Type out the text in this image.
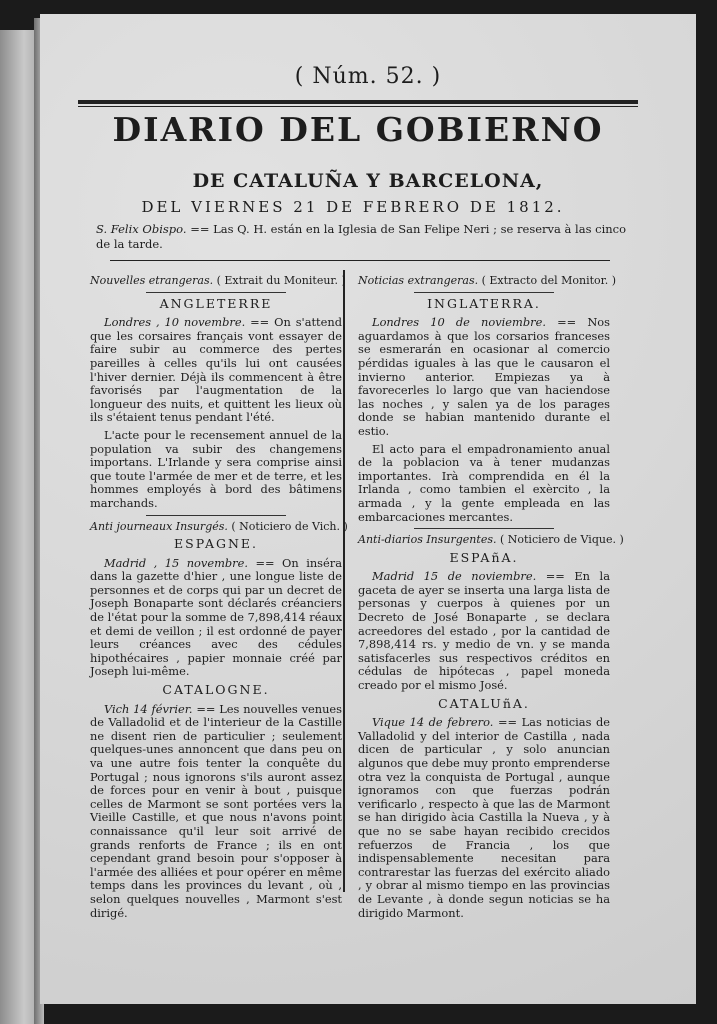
( Núm. 52. )
DIARIO DEL GOBIERNO
DE CATALUÑA Y BARCELONA,
DEL VIERNES 21 DE FEBRERO DE 1812.
S. Felix Obispo. == Las Q. H. están en la Iglesia de San Felipe Neri ; se reserva à las cinco de la tarde.
Nouvelles etrangeras. ( Extrait du Moniteur. )
ANGLETERRE

Londres , 10 novembre. == On s'attend que les corsaires français vont essayer de faire subir au commerce des pertes pareilles à celles qu'ils lui ont causées l'hiver dernier. Déjà ils commencent à être favorisés par l'augmentation de la longueur des nuits, et quittent les lieux où ils s'étaient tenus pendant l'été.

L'acte pour le recensement annuel de la population va subir des changemens importans. L'Irlande y sera comprise ainsi que toute l'armée de mer et de terre, et les hommes employés à bord des bâtimens marchands.

Anti journeaux Insurgés. ( Noticiero de Vich. )
ESPAGNE.

Madrid , 15 novembre. == On inséra dans la gazette d'hier , une longue liste de personnes et de corps qui par un decret de Joseph Bonaparte sont déclarés créanciers de l'état pour la somme de 7,898,414 réaux et demi de veillon ; il est ordonné de payer leurs créances avec des cédules hipothécaires , papier monnaie créé par Joseph lui-même.

CATALOGNE.

Vich 14 février. == Les nouvelles venues de Valladolid et de l'interieur de la Castille ne disent rien de particulier ; seulement quelques-unes annoncent que dans peu on va une autre fois tenter la conquête du Portugal ; nous ignorons s'ils auront assez de forces pour en venir à bout , puisque celles de Marmont se sont portées vers la Vieille Castille, et que nous n'avons point connaissance qu'il leur soit arrivé de grands renforts de France ; ils en ont cependant grand besoin pour s'opposer à l'armée des alliées et pour opérer en même temps dans les provinces du levant , où , selon quelques nouvelles , Marmont s'est dirigé.

Noticias extrangeras. ( Extracto del Monitor. )
INGLATERRA.

Londres 10 de noviembre. == Nos aguardamos à que los corsarios franceses se esmerarán en ocasionar al comercio pérdidas iguales à las que le causaron el invierno anterior. Empiezas ya à favorecerles lo largo que van haciendose las noches , y salen ya de los parages donde se habian mantenido durante el estio.

El acto para el empadronamiento anual de la poblacion va à tener mudanzas importantes. Irà comprendida en él la Irlanda , como tambien el exèrcito , la armada , y la gente empleada en las embarcaciones mercantes.

Anti-diarios Insurgentes. ( Noticiero de Vique. )
ESPAñA.

Madrid 15 de noviembre. == En la gaceta de ayer se inserta una larga lista de personas y cuerpos à quienes por un Decreto de José Bonaparte , se declara acreedores del estado , por la cantidad de 7,898,414 rs. y medio de vn. y se manda satisfacerles sus respectivos créditos en cédulas de hipótecas , papel moneda creado por el mismo José.

CATALUñA.

Vique 14 de febrero. == Las noticias de Valladolid y del interior de Castilla , nada dicen de particular , y solo anuncian algunos que debe muy pronto emprenderse otra vez la conquista de Portugal , aunque ignoramos con que fuerzas podrán verificarlo , respecto à que las de Marmont se han dirigido àcia Castilla la Nueva , y à que no se sabe hayan recibido crecidos refuerzos de Francia , los que indispensablemente necesitan para contrarestar las fuerzas del exército aliado , y obrar al mismo tiempo en las provincias de Levante , à donde segun noticias se ha dirigido Marmont.
